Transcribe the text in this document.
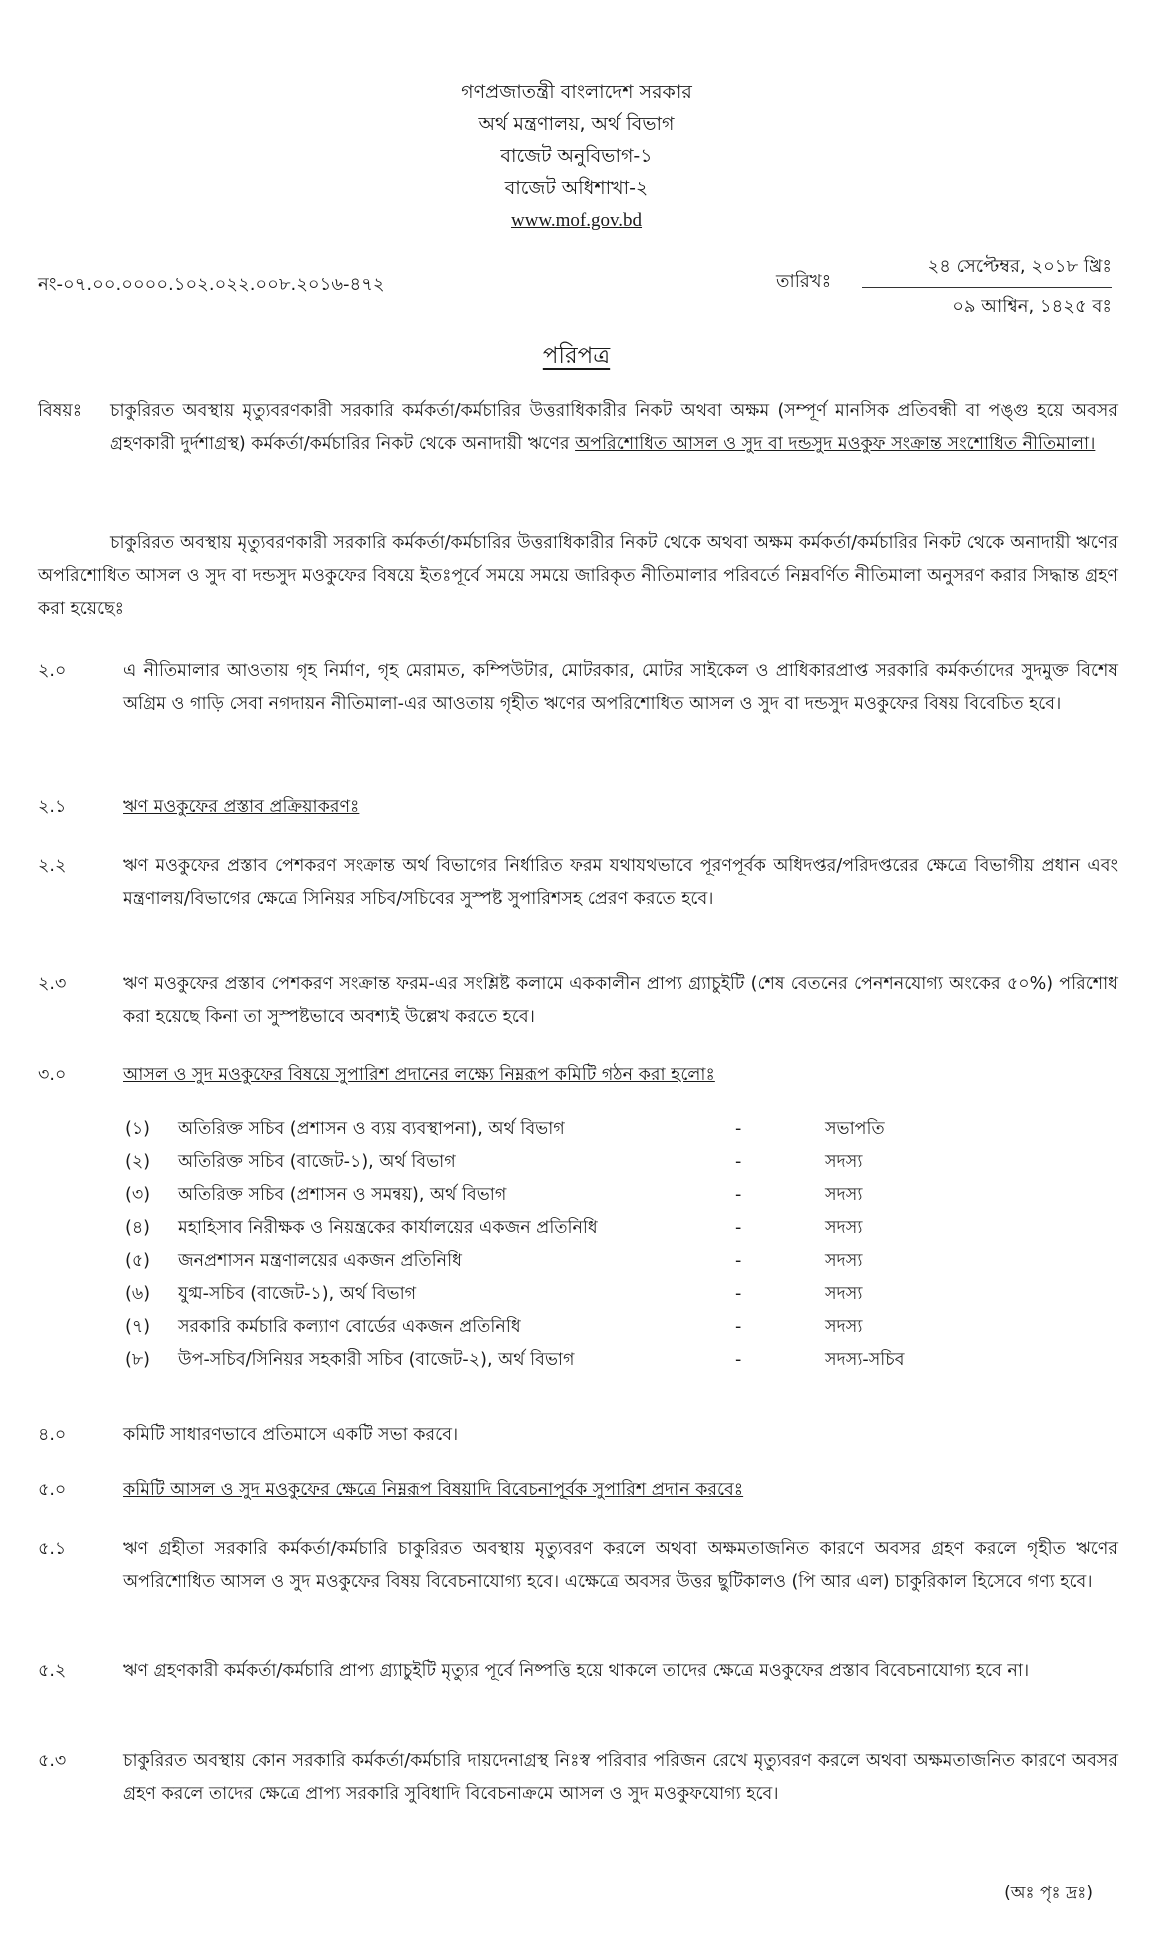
গণপ্রজাতন্ত্রী বাংলাদেশ সরকার
অর্থ মন্ত্রণালয়, অর্থ বিভাগ
বাজেট অনুবিভাগ-১
বাজেট অধিশাখা-২
www.mof.gov.bd
নং-০৭.০০.০০০০.১০২.০২২.০০৮.২০১৬-৪৭২	তারিখঃ
২৪ সেপ্টেম্বর, ২০১৮ খ্রিঃ
০৯ আশ্বিন, ১৪২৫ বঃ
পরিপত্র
বিষয়ঃ চাকুরিরত অবস্থায় মৃত্যুবরণকারী সরকারি কর্মকর্তা/কর্মচারির উত্তরাধিকারীর নিকট অথবা অক্ষম (সম্পূর্ণ মানসিক প্রতিবন্ধী বা পঙ্গু হয়ে অবসর গ্রহণকারী দুর্দশাগ্রস্থ) কর্মকর্তা/কর্মচারির নিকট থেকে অনাদায়ী ঋণের অপরিশোধিত আসল ও সুদ বা দন্ডসুদ মওকুফ সংক্রান্ত সংশোধিত নীতিমালা।
চাকুরিরত অবস্থায় মৃত্যুবরণকারী সরকারি কর্মকর্তা/কর্মচারির উত্তরাধিকারীর নিকট থেকে অথবা অক্ষম কর্মকর্তা/কর্মচারির নিকট থেকে অনাদায়ী ঋণের অপরিশোধিত আসল ও সুদ বা দন্ডসুদ মওকুফের বিষয়ে ইতঃপূর্বে সময়ে সময়ে জারিকৃত নীতিমালার পরিবর্তে নিম্নবর্ণিত নীতিমালা অনুসরণ করার সিদ্ধান্ত গ্রহণ করা হয়েছেঃ
২.০	এ নীতিমালার আওতায় গৃহ নির্মাণ, গৃহ মেরামত, কম্পিউটার, মোটরকার, মোটর সাইকেল ও প্রাধিকারপ্রাপ্ত সরকারি কর্মকর্তাদের সুদমুক্ত বিশেষ অগ্রিম ও গাড়ি সেবা নগদায়ন নীতিমালা-এর আওতায় গৃহীত ঋণের অপরিশোধিত আসল ও সুদ বা দন্ডসুদ মওকুফের বিষয় বিবেচিত হবে।
২.১	ঋণ মওকুফের প্রস্তাব প্রক্রিয়াকরণঃ
২.২	ঋণ মওকুফের প্রস্তাব পেশকরণ সংক্রান্ত অর্থ বিভাগের নির্ধারিত ফরম যথাযথভাবে পূরণপূর্বক অধিদপ্তর/পরিদপ্তরের ক্ষেত্রে বিভাগীয় প্রধান এবং মন্ত্রণালয়/বিভাগের ক্ষেত্রে সিনিয়র সচিব/সচিবের সুস্পষ্ট সুপারিশসহ প্রেরণ করতে হবে।
২.৩	ঋণ মওকুফের প্রস্তাব পেশকরণ সংক্রান্ত ফরম-এর সংশ্লিষ্ট কলামে এককালীন প্রাপ্য গ্র্যাচুইটি (শেষ বেতনের পেনশনযোগ্য অংকের ৫০%) পরিশোধ করা হয়েছে কিনা তা সুস্পষ্টভাবে অবশ্যই উল্লেখ করতে হবে।
৩.০	আসল ও সুদ মওকুফের বিষয়ে সুপারিশ প্রদানের লক্ষ্যে নিম্নরূপ কমিটি গঠন করা হলোঃ
(১) অতিরিক্ত সচিব (প্রশাসন ও ব্যয় ব্যবস্থাপনা), অর্থ বিভাগ	-	সভাপতি
(২) অতিরিক্ত সচিব (বাজেট-১), অর্থ বিভাগ	-	সদস্য
(৩) অতিরিক্ত সচিব (প্রশাসন ও সমন্বয়), অর্থ বিভাগ	-	সদস্য
(৪) মহাহিসাব নিরীক্ষক ও নিয়ন্ত্রকের কার্যালয়ের একজন প্রতিনিধি	-	সদস্য
(৫) জনপ্রশাসন মন্ত্রণালয়ের একজন প্রতিনিধি	-	সদস্য
(৬) যুগ্ম-সচিব (বাজেট-১), অর্থ বিভাগ	-	সদস্য
(৭) সরকারি কর্মচারি কল্যাণ বোর্ডের একজন প্রতিনিধি	-	সদস্য
(৮) উপ-সচিব/সিনিয়র সহকারী সচিব (বাজেট-২), অর্থ বিভাগ	-	সদস্য-সচিব
৪.০	কমিটি সাধারণভাবে প্রতিমাসে একটি সভা করবে।
৫.০	কমিটি আসল ও সুদ মওকুফের ক্ষেত্রে নিম্নরূপ বিষয়াদি বিবেচনাপূর্বক সুপারিশ প্রদান করবেঃ
৫.১	ঋণ গ্রহীতা সরকারি কর্মকর্তা/কর্মচারি চাকুরিরত অবস্থায় মৃত্যুবরণ করলে অথবা অক্ষমতাজনিত কারণে অবসর গ্রহণ করলে গৃহীত ঋণের অপরিশোধিত আসল ও সুদ মওকুফের বিষয় বিবেচনাযোগ্য হবে। এক্ষেত্রে অবসর উত্তর ছুটিকালও (পি আর এল) চাকুরিকাল হিসেবে গণ্য হবে।
৫.২	ঋণ গ্রহণকারী কর্মকর্তা/কর্মচারি প্রাপ্য গ্র্যাচুইটি মৃত্যুর পূর্বে নিষ্পত্তি হয়ে থাকলে তাদের ক্ষেত্রে মওকুফের প্রস্তাব বিবেচনাযোগ্য হবে না।
৫.৩	চাকুরিরত অবস্থায় কোন সরকারি কর্মকর্তা/কর্মচারি দায়দেনাগ্রস্থ নিঃস্ব পরিবার পরিজন রেখে মৃত্যুবরণ করলে অথবা অক্ষমতাজনিত কারণে অবসর গ্রহণ করলে তাদের ক্ষেত্রে প্রাপ্য সরকারি সুবিধাদি বিবেচনাক্রমে আসল ও সুদ মওকুফযোগ্য হবে।
(অঃ পৃঃ দ্রঃ)
